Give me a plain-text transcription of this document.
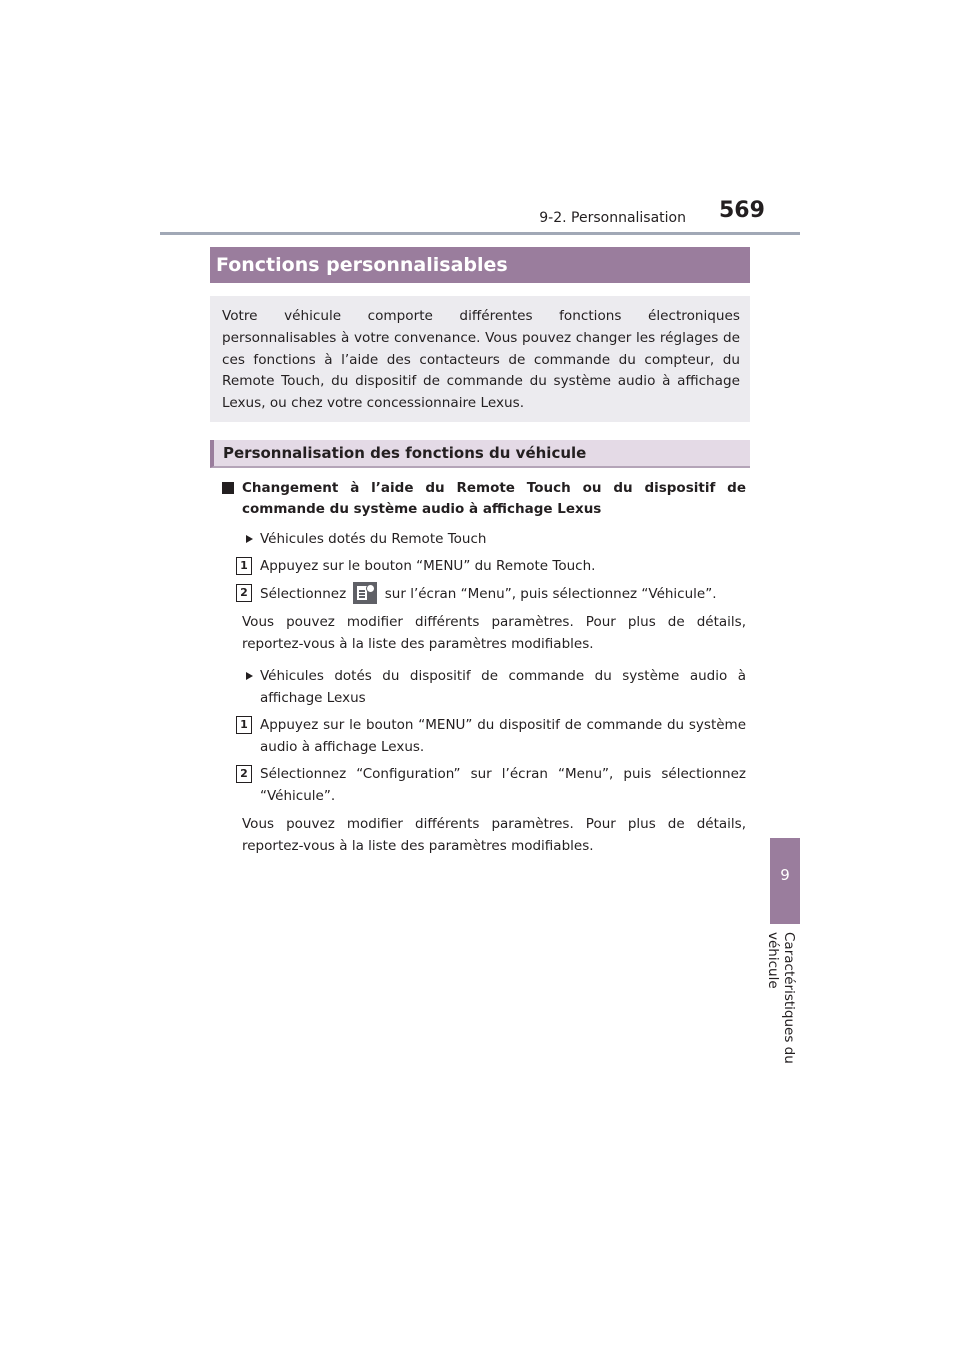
9-2. Personnalisation 569
9
Caractéristiques du véhicule
Fonctions personnalisables
Votre véhicule comporte différentes fonctions électroniques personnalisables à votre convenance. Vous pouvez changer les réglages de ces fonctions à l’aide des contacteurs de commande du compteur, du Remote Touch, du dispositif de commande du système audio à affichage Lexus, ou chez votre concessionnaire Lexus.
Personnalisation des fonctions du véhicule
Changement à l’aide du Remote Touch ou du dispositif de commande du système audio à affichage Lexus
Véhicules dotés du Remote Touch
1 Appuyez sur le bouton “MENU” du Remote Touch.
2 Sélectionnez	sur l’écran “Menu”, puis sélectionnez “Véhicule”.
Vous pouvez modifier différents paramètres. Pour plus de détails, reportez-vous à la liste des paramètres modifiables.
Véhicules dotés du dispositif de commande du système audio à affichage Lexus
1 Appuyez sur le bouton “MENU” du dispositif de commande du système audio à affichage Lexus.
2 Sélectionnez “Configuration” sur l’écran “Menu”, puis sélectionnez “Véhicule”.
Vous pouvez modifier différents paramètres. Pour plus de détails, reportez-vous à la liste des paramètres modifiables.
